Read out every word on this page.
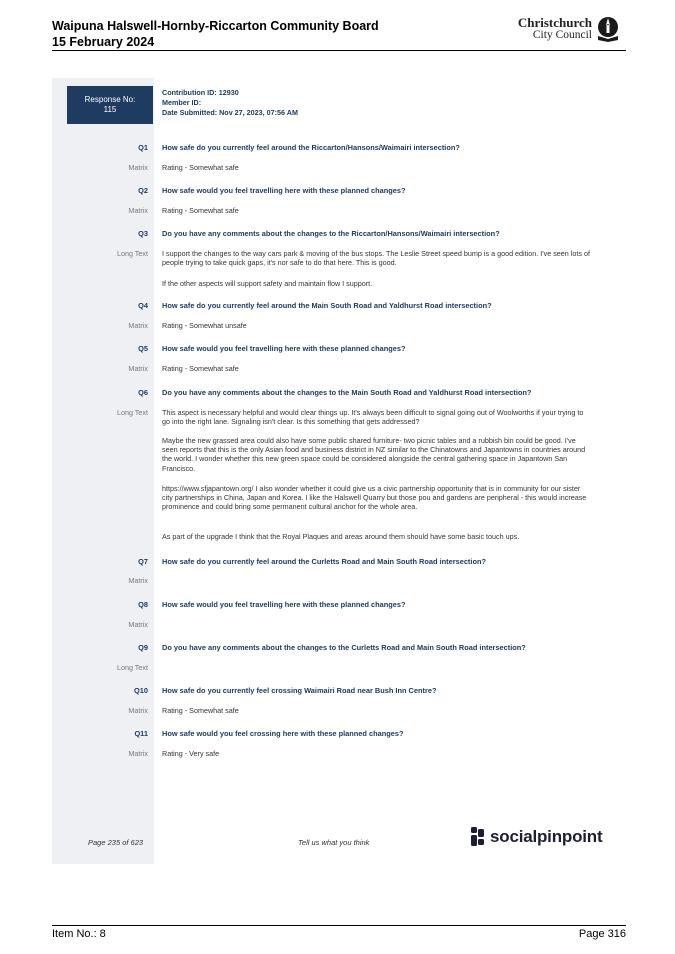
Waipuna Halswell-Hornby-Riccarton Community Board
15 February 2024
Christchurch
City Council
Response No:
115
Contribution ID: 12930
Member ID:
Date Submitted: Nov 27, 2023, 07:56 AM
Q1 How safe do you currently feel around the Riccarton/Hansons/Waimairi intersection?
Matrix Rating - Somewhat safe
Q2 How safe would you feel travelling here with these planned changes?
Matrix Rating - Somewhat safe
Q3 Do you have any comments about the changes to the Riccarton/Hansons/Waimairi intersection?
Long Text I support the changes to the way cars park & moving of the bus stops. The Leslie Street speed bump is a good edition. I've seen lots of people trying to take quick gaps, it's nor safe to do that here. This is good.
If the other aspects will support safety and maintain flow I support.
Q4 How safe do you currently feel around the Main South Road and Yaldhurst Road intersection?
Matrix Rating - Somewhat unsafe
Q5 How safe would you feel travelling here with these planned changes?
Matrix Rating - Somewhat safe
Q6 Do you have any comments about the changes to the Main South Road and Yaldhurst Road intersection?
Long Text This aspect is necessary helpful and would clear things up. It's always been difficult to signal going out of Woolworths if your trying to go into the right lane. Signaling isn't clear. Is this something that gets addressed?
Maybe the new grassed area could also have some public shared furniture- two picnic tables and a rubbish bin could be good. I've seen reports that this is the only Asian food and business district in NZ similar to the Chinatowns and Japantowns in countries around the world. I wonder whether this new green space could be considered alongside the central gathering space in Japantown San Francisco.
https://www.sfjapantown.org/ I also wonder whether it could give us a civic partnership opportunity that is in community for our sister city partnerships in China, Japan and Korea. I like the Halswell Quarry but those pou and gardens are peripheral - this would increase prominence and could bring some permanent cultural anchor for the whole area.
As part of the upgrade I think that the Royal Plaques and areas around them should have some basic touch ups.
Q7 How safe do you currently feel around the Curletts Road and Main South Road intersection?
Matrix
Q8 How safe would you feel travelling here with these planned changes?
Matrix
Q9 Do you have any comments about the changes to the Curletts Road and Main South Road intersection?
Long Text
Q10 How safe do you currently feel crossing Waimairi Road near Bush Inn Centre?
Matrix Rating - Somewhat safe
Q11 How safe would you feel crossing here with these planned changes?
Matrix Rating - Very safe
Page 235 of 623	Tell us what you think	socialpinpoint
Item No.: 8	Page 316
